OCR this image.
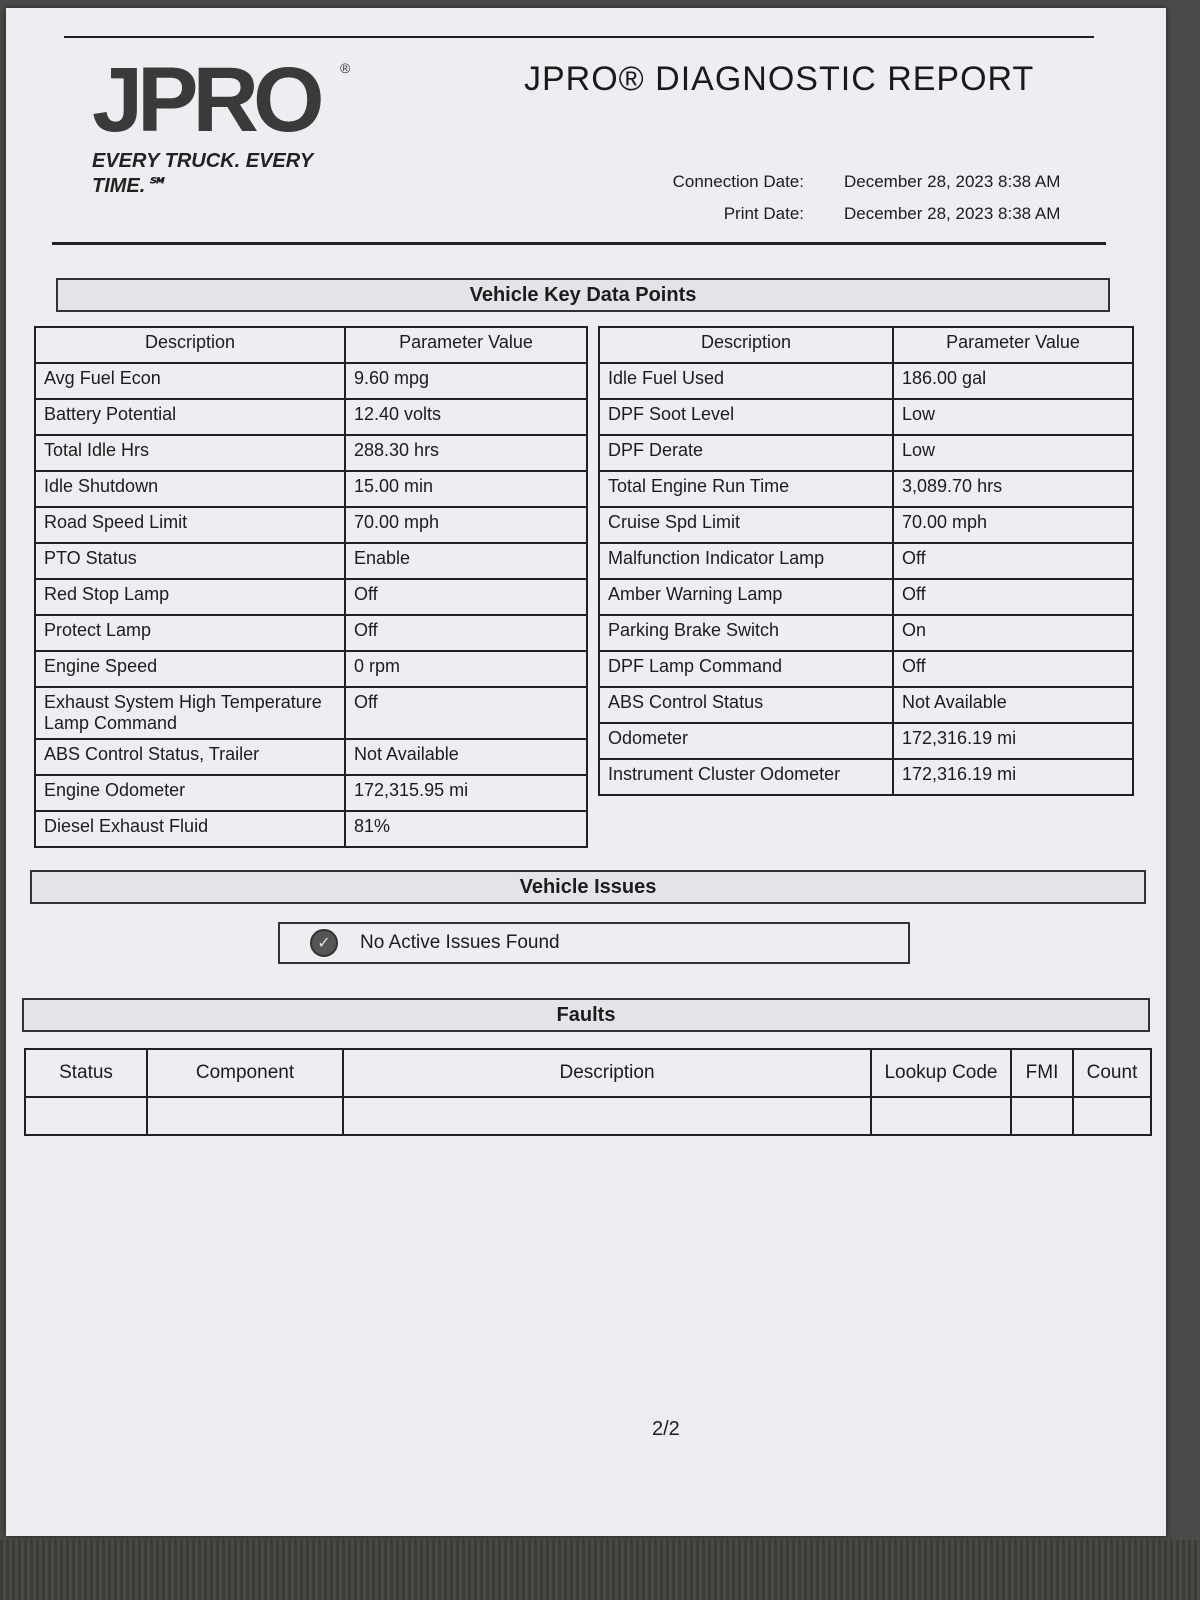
JPRO ®
EVERY TRUCK. EVERY TIME.℠
JPRO® DIAGNOSTIC REPORT
Connection Date: December 28, 2023 8:38 AM
Print Date: December 28, 2023 8:38 AM
Vehicle Key Data Points
Description	Parameter Value
Avg Fuel Econ	9.60 mpg
Battery Potential	12.40 volts
Total Idle Hrs	288.30 hrs
Idle Shutdown	15.00 min
Road Speed Limit	70.00 mph
PTO Status	Enable
Red Stop Lamp	Off
Protect Lamp	Off
Engine Speed	0 rpm
Exhaust System High Temperature Lamp Command	Off
ABS Control Status, Trailer	Not Available
Engine Odometer	172,315.95 mi
Diesel Exhaust Fluid	81%
Description	Parameter Value
Idle Fuel Used	186.00 gal
DPF Soot Level	Low
DPF Derate	Low
Total Engine Run Time	3,089.70 hrs
Cruise Spd Limit	70.00 mph
Malfunction Indicator Lamp	Off
Amber Warning Lamp	Off
Parking Brake Switch	On
DPF Lamp Command	Off
ABS Control Status	Not Available
Odometer	172,316.19 mi
Instrument Cluster Odometer	172,316.19 mi
Vehicle Issues
✓	No Active Issues Found
Faults
Status	Component	Description	Lookup Code	FMI	Count

2/2
